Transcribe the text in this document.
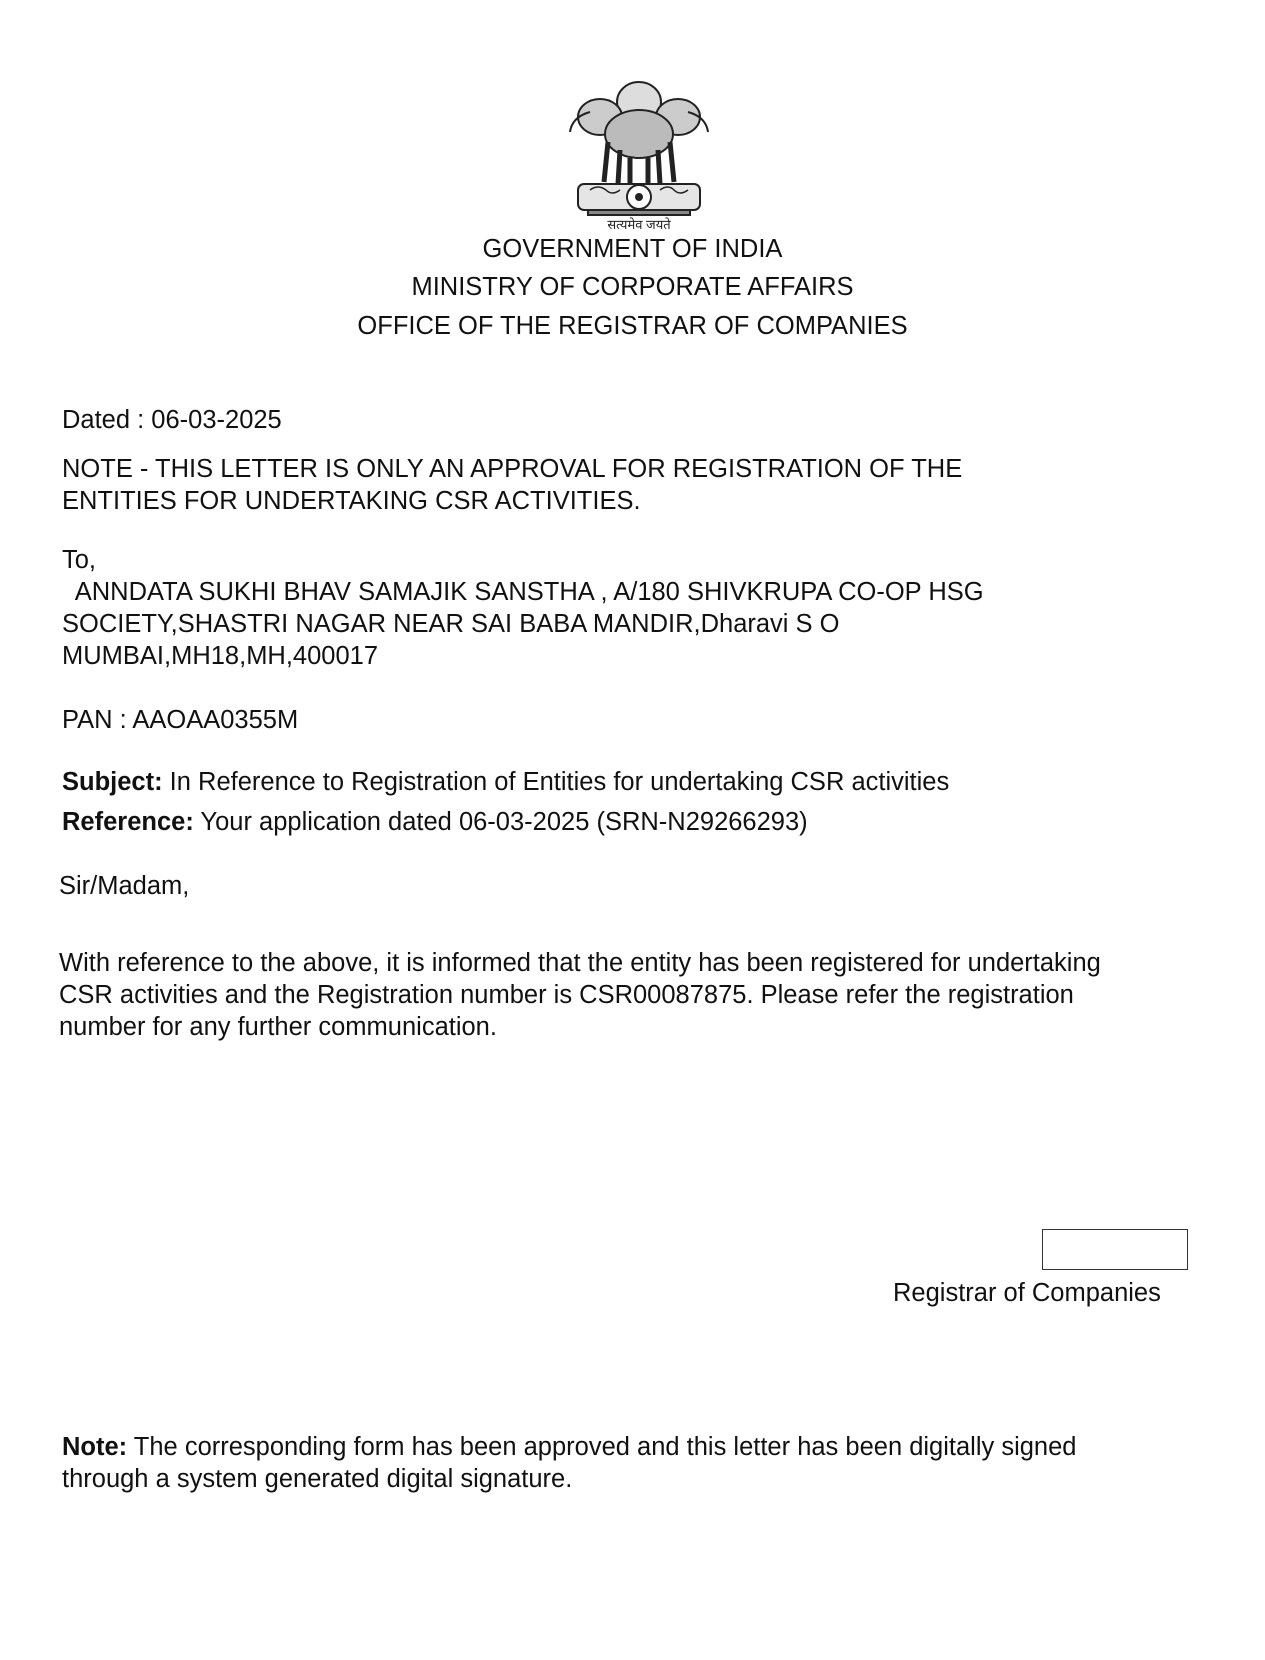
सत्यमेव जयते
GOVERNMENT OF INDIA
MINISTRY OF CORPORATE AFFAIRS
OFFICE OF THE REGISTRAR OF COMPANIES
Dated : 06-03-2025
NOTE - THIS LETTER IS ONLY AN APPROVAL FOR REGISTRATION OF THE
ENTITIES FOR UNDERTAKING CSR ACTIVITIES.
To,
ANNDATA SUKHI BHAV SAMAJIK SANSTHA , A/180 SHIVKRUPA CO-OP HSG
SOCIETY,SHASTRI NAGAR NEAR SAI BABA MANDIR,Dharavi S O
MUMBAI,MH18,MH,400017
PAN : AAOAA0355M
Subject: In Reference to Registration of Entities for undertaking CSR activities
Reference: Your application dated 06-03-2025 (SRN-N29266293)
Sir/Madam,
With reference to the above, it is informed that the entity has been registered for undertaking
CSR activities and the Registration number is CSR00087875. Please refer the registration
number for any further communication.
Registrar of Companies
Note: The corresponding form has been approved and this letter has been digitally signed
through a system generated digital signature.
